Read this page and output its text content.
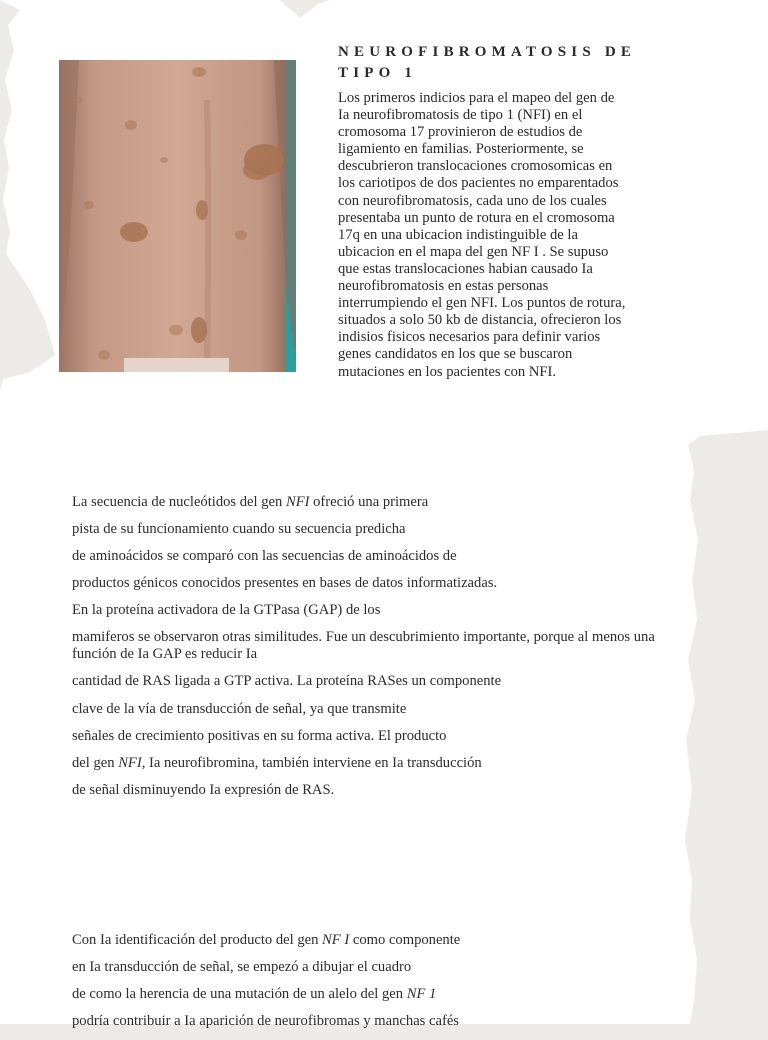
NEUROFIBROMATOSIS DE TIPO 1

Los primeros indicios para el mapeo del gen de
Ia neurofibromatosis de tipo 1 (NFI) en el
cromosoma 17 provinieron de estudios de
ligamiento en familias. Posteriormente, se
descubrieron translocaciones cromosomicas en
los cariotipos de dos pacientes no emparentados
con neurofibromatosis, cada uno de los cuales
presentaba un punto de rotura en el cromosoma
17q en una ubicacion indistinguible de la
ubicacion en el mapa del gen NF I . Se supuso
que estas translocaciones habian causado Ia
neurofibromatosis en estas personas
interrumpiendo el gen NFI. Los puntos de rotura,
situados a solo 50 kb de distancia, ofrecieron los
indisios fisicos necesarios para definir varios
genes candidatos en los que se buscaron
mutaciones en los pacientes con NFI.

La secuencia de nucleótidos del gen NFI ofreció una primera
pista de su funcionamiento cuando su secuencia predicha
de aminoácidos se comparó con las secuencias de aminoácidos de
productos génicos conocidos presentes en bases de datos informatizadas.
En la proteína activadora de la GTPasa (GAP) de los
mamiferos se observaron otras similitudes. Fue un descubrimiento importante, porque al menos una función de Ia GAP es reducir Ia
cantidad de RAS ligada a GTP activa. La proteína RASes un componente
clave de la vía de transducción de señal, ya que transmite
señales de crecimiento positivas en su forma activa. El producto
del gen NFI, Ia neurofibromina, también interviene en Ia transducción
de señal disminuyendo Ia expresión de RAS.

Con Ia identificación del producto del gen NF I como componente
en Ia transducción de señal, se empezó a dibujar el cuadro
de como la herencia de una mutación de un alelo del gen NF 1
podría contribuir a Ia aparición de neurofibromas y manchas cafés
